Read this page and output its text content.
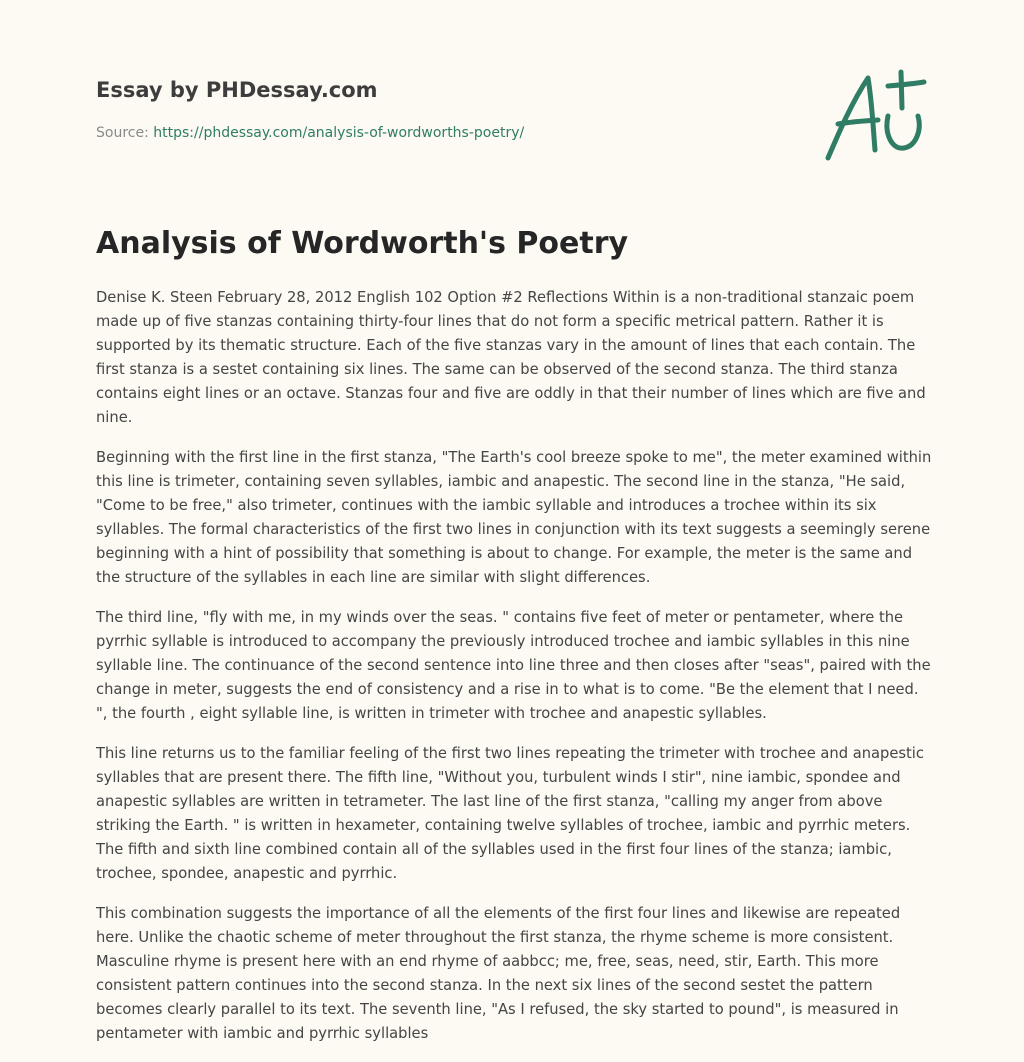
Essay by PHDessay.com
Source: https://phdessay.com/analysis-of-wordworths-poetry/
Analysis of Wordworth's Poetry

Denise K. Steen February 28, 2012 English 102 Option #2 Reflections Within is a non-traditional stanzaic poem made up of five stanzas containing thirty-four lines that do not form a specific metrical pattern. Rather it is supported by its thematic structure. Each of the five stanzas vary in the amount of lines that each contain. The first stanza is a sestet containing six lines. The same can be observed of the second stanza. The third stanza contains eight lines or an octave. Stanzas four and five are oddly in that their number of lines which are five and nine.

Beginning with the first line in the first stanza, "The Earth's cool breeze spoke to me", the meter examined within this line is trimeter, containing seven syllables, iambic and anapestic. The second line in the stanza, "He said, "Come to be free," also trimeter, continues with the iambic syllable and introduces a trochee within its six syllables. The formal characteristics of the first two lines in conjunction with its text suggests a seemingly serene beginning with a hint of possibility that something is about to change. For example, the meter is the same and the structure of the syllables in each line are similar with slight differences.

The third line, "fly with me, in my winds over the seas. " contains five feet of meter or pentameter, where the pyrrhic syllable is introduced to accompany the previously introduced trochee and iambic syllables in this nine syllable line. The continuance of the second sentence into line three and then closes after "seas", paired with the change in meter, suggests the end of consistency and a rise in to what is to come. "Be the element that I need. ", the fourth , eight syllable line, is written in trimeter with trochee and anapestic syllables.

This line returns us to the familiar feeling of the first two lines repeating the trimeter with trochee and anapestic syllables that are present there. The fifth line, "Without you, turbulent winds I stir", nine iambic, spondee and anapestic syllables are written in tetrameter. The last line of the first stanza, "calling my anger from above striking the Earth. " is written in hexameter, containing twelve syllables of trochee, iambic and pyrrhic meters. The fifth and sixth line combined contain all of the syllables used in the first four lines of the stanza; iambic, trochee, spondee, anapestic and pyrrhic.

This combination suggests the importance of all the elements of the first four lines and likewise are repeated here. Unlike the chaotic scheme of meter throughout the first stanza, the rhyme scheme is more consistent. Masculine rhyme is present here with an end rhyme of aabbcc; me, free, seas, need, stir, Earth. This more consistent pattern continues into the second stanza. In the next six lines of the second sestet the pattern becomes clearly parallel to its text. The seventh line, "As I refused, the sky started to pound", is measured in pentameter with iambic and pyrrhic syllables
